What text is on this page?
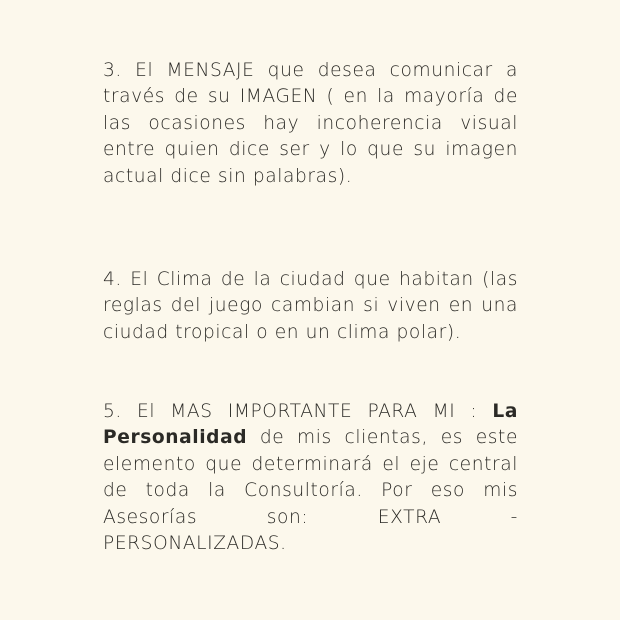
3. El MENSAJE que desea comunicar a través de su IMAGEN ( en la mayoría de las ocasiones hay incoherencia visual entre quien dice ser y lo que su imagen actual dice sin palabras).

4. El Clima de la ciudad que habitan (las reglas del juego cambian si viven en una ciudad tropical o en un clima polar).

5. El MAS IMPORTANTE PARA MI : La Personalidad de mis clientas, es este elemento que determinará el eje central de toda la Consultoría. Por eso mis Asesorías son: EXTRA - PERSONALIZADAS.
